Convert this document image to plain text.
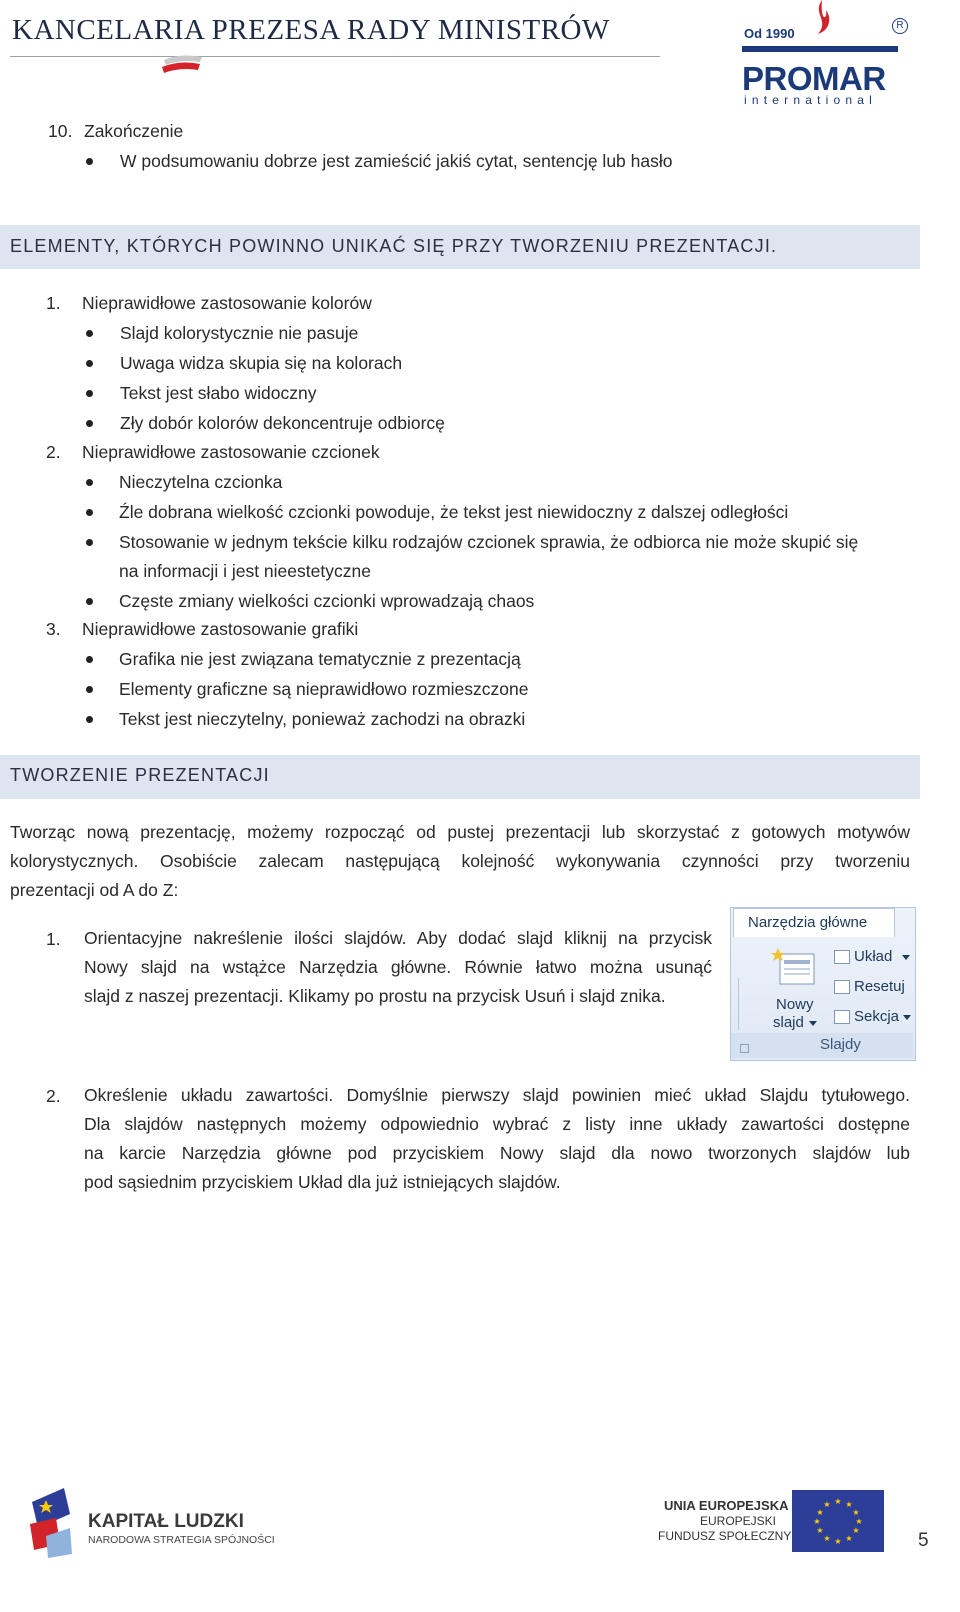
KANCELARIA PREZESA RADY MINISTRÓW	Od 1990
PROMAR
international
R
10. Zakończenie
W podsumowaniu dobrze jest zamieścić jakiś cytat, sentencję lub hasło
ELEMENTY, KTÓRYCH POWINNO UNIKAĆ SIĘ PRZY TWORZENIU PREZENTACJI.
1. Nieprawidłowe zastosowanie kolorów
Slajd kolorystycznie nie pasuje
Uwaga widza skupia się na kolorach
Tekst jest słabo widoczny
Zły dobór kolorów dekoncentruje odbiorcę
2. Nieprawidłowe zastosowanie czcionek
Nieczytelna czcionka
Źle dobrana wielkość czcionki powoduje, że tekst jest niewidoczny z dalszej odległości
Stosowanie w jednym tekście kilku rodzajów czcionek sprawia, że odbiorca nie może skupić się
na informacji i jest nieestetyczne
Częste zmiany wielkości czcionki wprowadzają chaos
3. Nieprawidłowe zastosowanie grafiki
Grafika nie jest związana tematycznie z prezentacją
Elementy graficzne są nieprawidłowo rozmieszczone
Tekst jest nieczytelny, ponieważ zachodzi na obrazki
TWORZENIE PREZENTACJI
Tworząc nową prezentację, możemy rozpocząć od pustej prezentacji lub skorzystać z gotowych motywów
kolorystycznych. Osobiście zalecam następującą kolejność wykonywania czynności przy tworzeniu
prezentacji od A do Z:
1. Orientacyjne nakreślenie ilości slajdów. Aby dodać slajd kliknij na przycisk
Nowy slajd na wstążce Narzędzia główne. Równie łatwo można usunąć
slajd z naszej prezentacji. Klikamy po prostu na przycisk Usuń i slajd znika.
Narzędzia główne
Nowy
slajd
Układ
Resetuj
Sekcja
Slajdy
2. Określenie układu zawartości. Domyślnie pierwszy slajd powinien mieć układ Slajdu tytułowego.
Dla slajdów następnych możemy odpowiednio wybrać z listy inne układy zawartości dostępne
na karcie Narzędzia główne pod przyciskiem Nowy slajd dla nowo tworzonych slajdów lub
pod sąsiednim przyciskiem Układ dla już istniejących slajdów.
KAPITAŁ LUDZKI
NARODOWA STRATEGIA SPÓJNOŚCI
UNIA EUROPEJSKA
EUROPEJSKI
FUNDUSZ SPOŁECZNY
★ ★
★
★
★
★
★
★
★
★
★
★
5
